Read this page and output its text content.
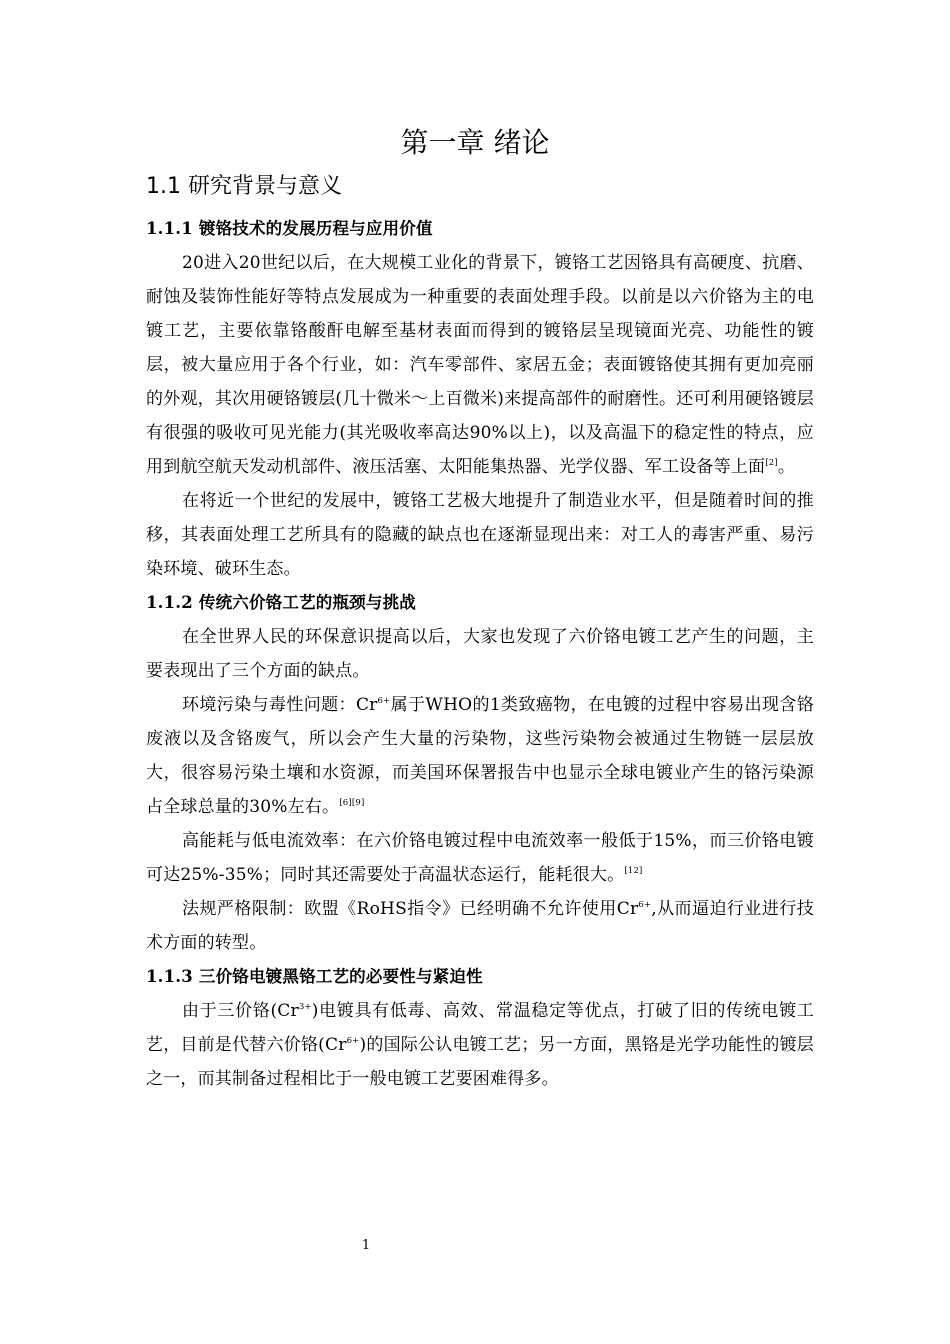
第一章 绪论
1.1 研究背景与意义
1.1.1 镀铬技术的发展历程与应用价值

20进入20世纪以后，在大规模工业化的背景下，镀铬工艺因铬具有高硬度、抗磨、耐蚀及装饰性能好等特点发展成为一种重要的表面处理手段。以前是以六价铬为主的电镀工艺，主要依靠铬酸酐电解至基材表面而得到的镀铬层呈现镜面光亮、功能性的镀层，被大量应用于各个行业，如：汽车零部件、家居五金；表面镀铬使其拥有更加亮丽的外观，其次用硬铬镀层(几十微米～上百微米)来提高部件的耐磨性。还可利用硬铬镀层有很强的吸收可见光能力(其光吸收率高达90%以上)，以及高温下的稳定性的特点，应用到航空航天发动机部件、液压活塞、太阳能集热器、光学仪器、军工设备等上面[2]。

在将近一个世纪的发展中，镀铬工艺极大地提升了制造业水平，但是随着时间的推移，其表面处理工艺所具有的隐藏的缺点也在逐渐显现出来：对工人的毒害严重、易污染环境、破环生态。

1.1.2 传统六价铬工艺的瓶颈与挑战

在全世界人民的环保意识提高以后，大家也发现了六价铬电镀工艺产生的问题，主要表现出了三个方面的缺点。

环境污染与毒性问题：$Cr^{6+}$属于WHO的1类致癌物，在电镀的过程中容易出现含铬废液以及含铬废气，所以会产生大量的污染物，这些污染物会被通过生物链一层层放大，很容易污染土壤和水资源，而美国环保署报告中也显示全球电镀业产生的铬污染源占全球总量的30%左右。[6][9]

高能耗与低电流效率：在六价铬电镀过程中电流效率一般低于15%，而三价铬电镀可达25%-35%；同时其还需要处于高温状态运行，能耗很大。[12]

法规严格限制：欧盟《RoHS指令》已经明确不允许使用$Cr^{6+}$,从而逼迫行业进行技术方面的转型。

1.1.3 三价铬电镀黑铬工艺的必要性与紧迫性

由于三价铬$(Cr^{3+})$电镀具有低毒、高效、常温稳定等优点，打破了旧的传统电镀工艺，目前是代替六价铬$(Cr^{6+})$的国际公认电镀工艺；另一方面，黑铬是光学功能性的镀层之一，而其制备过程相比于一般电镀工艺要困难得多。

1
